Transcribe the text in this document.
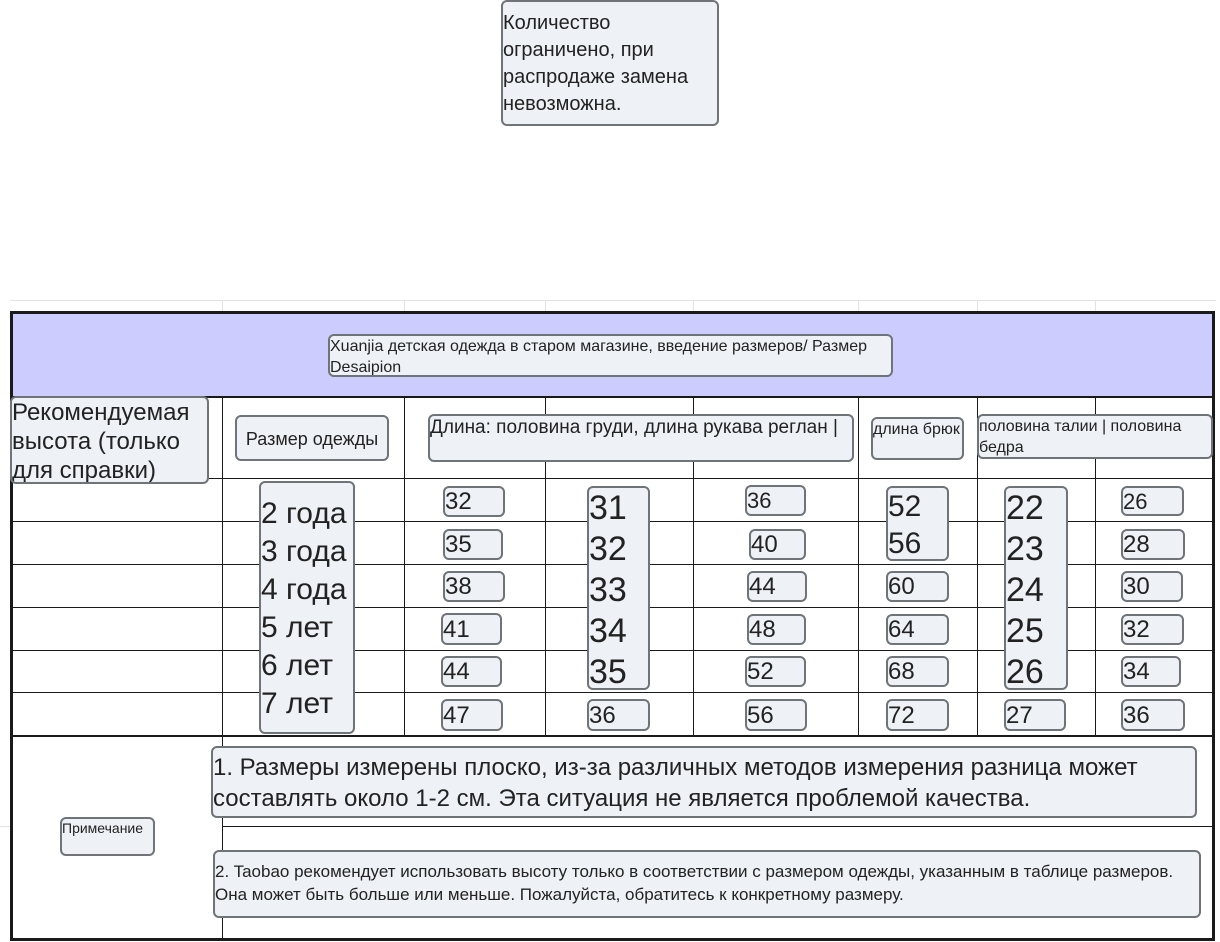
Количество ограничено, при распродаже замена невозможна.
Xuanjia детская одежда в старом магазине, введение размеров/ Размер Desaipion
Рекомендуемая высота (только для справки)
Размер одежды
Длина: половина груди, длина рукава реглан |	длина брюк половина талии | половина бедра
2 года
3 года
4 года
5 лет
6 лет
7 лет
32
35
38
41
44
47
31
32
33
34
35
36
36
40
44
48
52
56
52
56
60
64
68
72
22
23
24
25
26
27
26
28
30
32
34
36
Примечание
1. Размеры измерены плоско, из-за различных методов измерения разница может составлять около 1-2 см. Эта ситуация не является проблемой качества.
2. Taobao рекомендует использовать высоту только в соответствии с размером одежды, указанным в таблице размеров. Она может быть больше или меньше. Пожалуйста, обратитесь к конкретному размеру.
